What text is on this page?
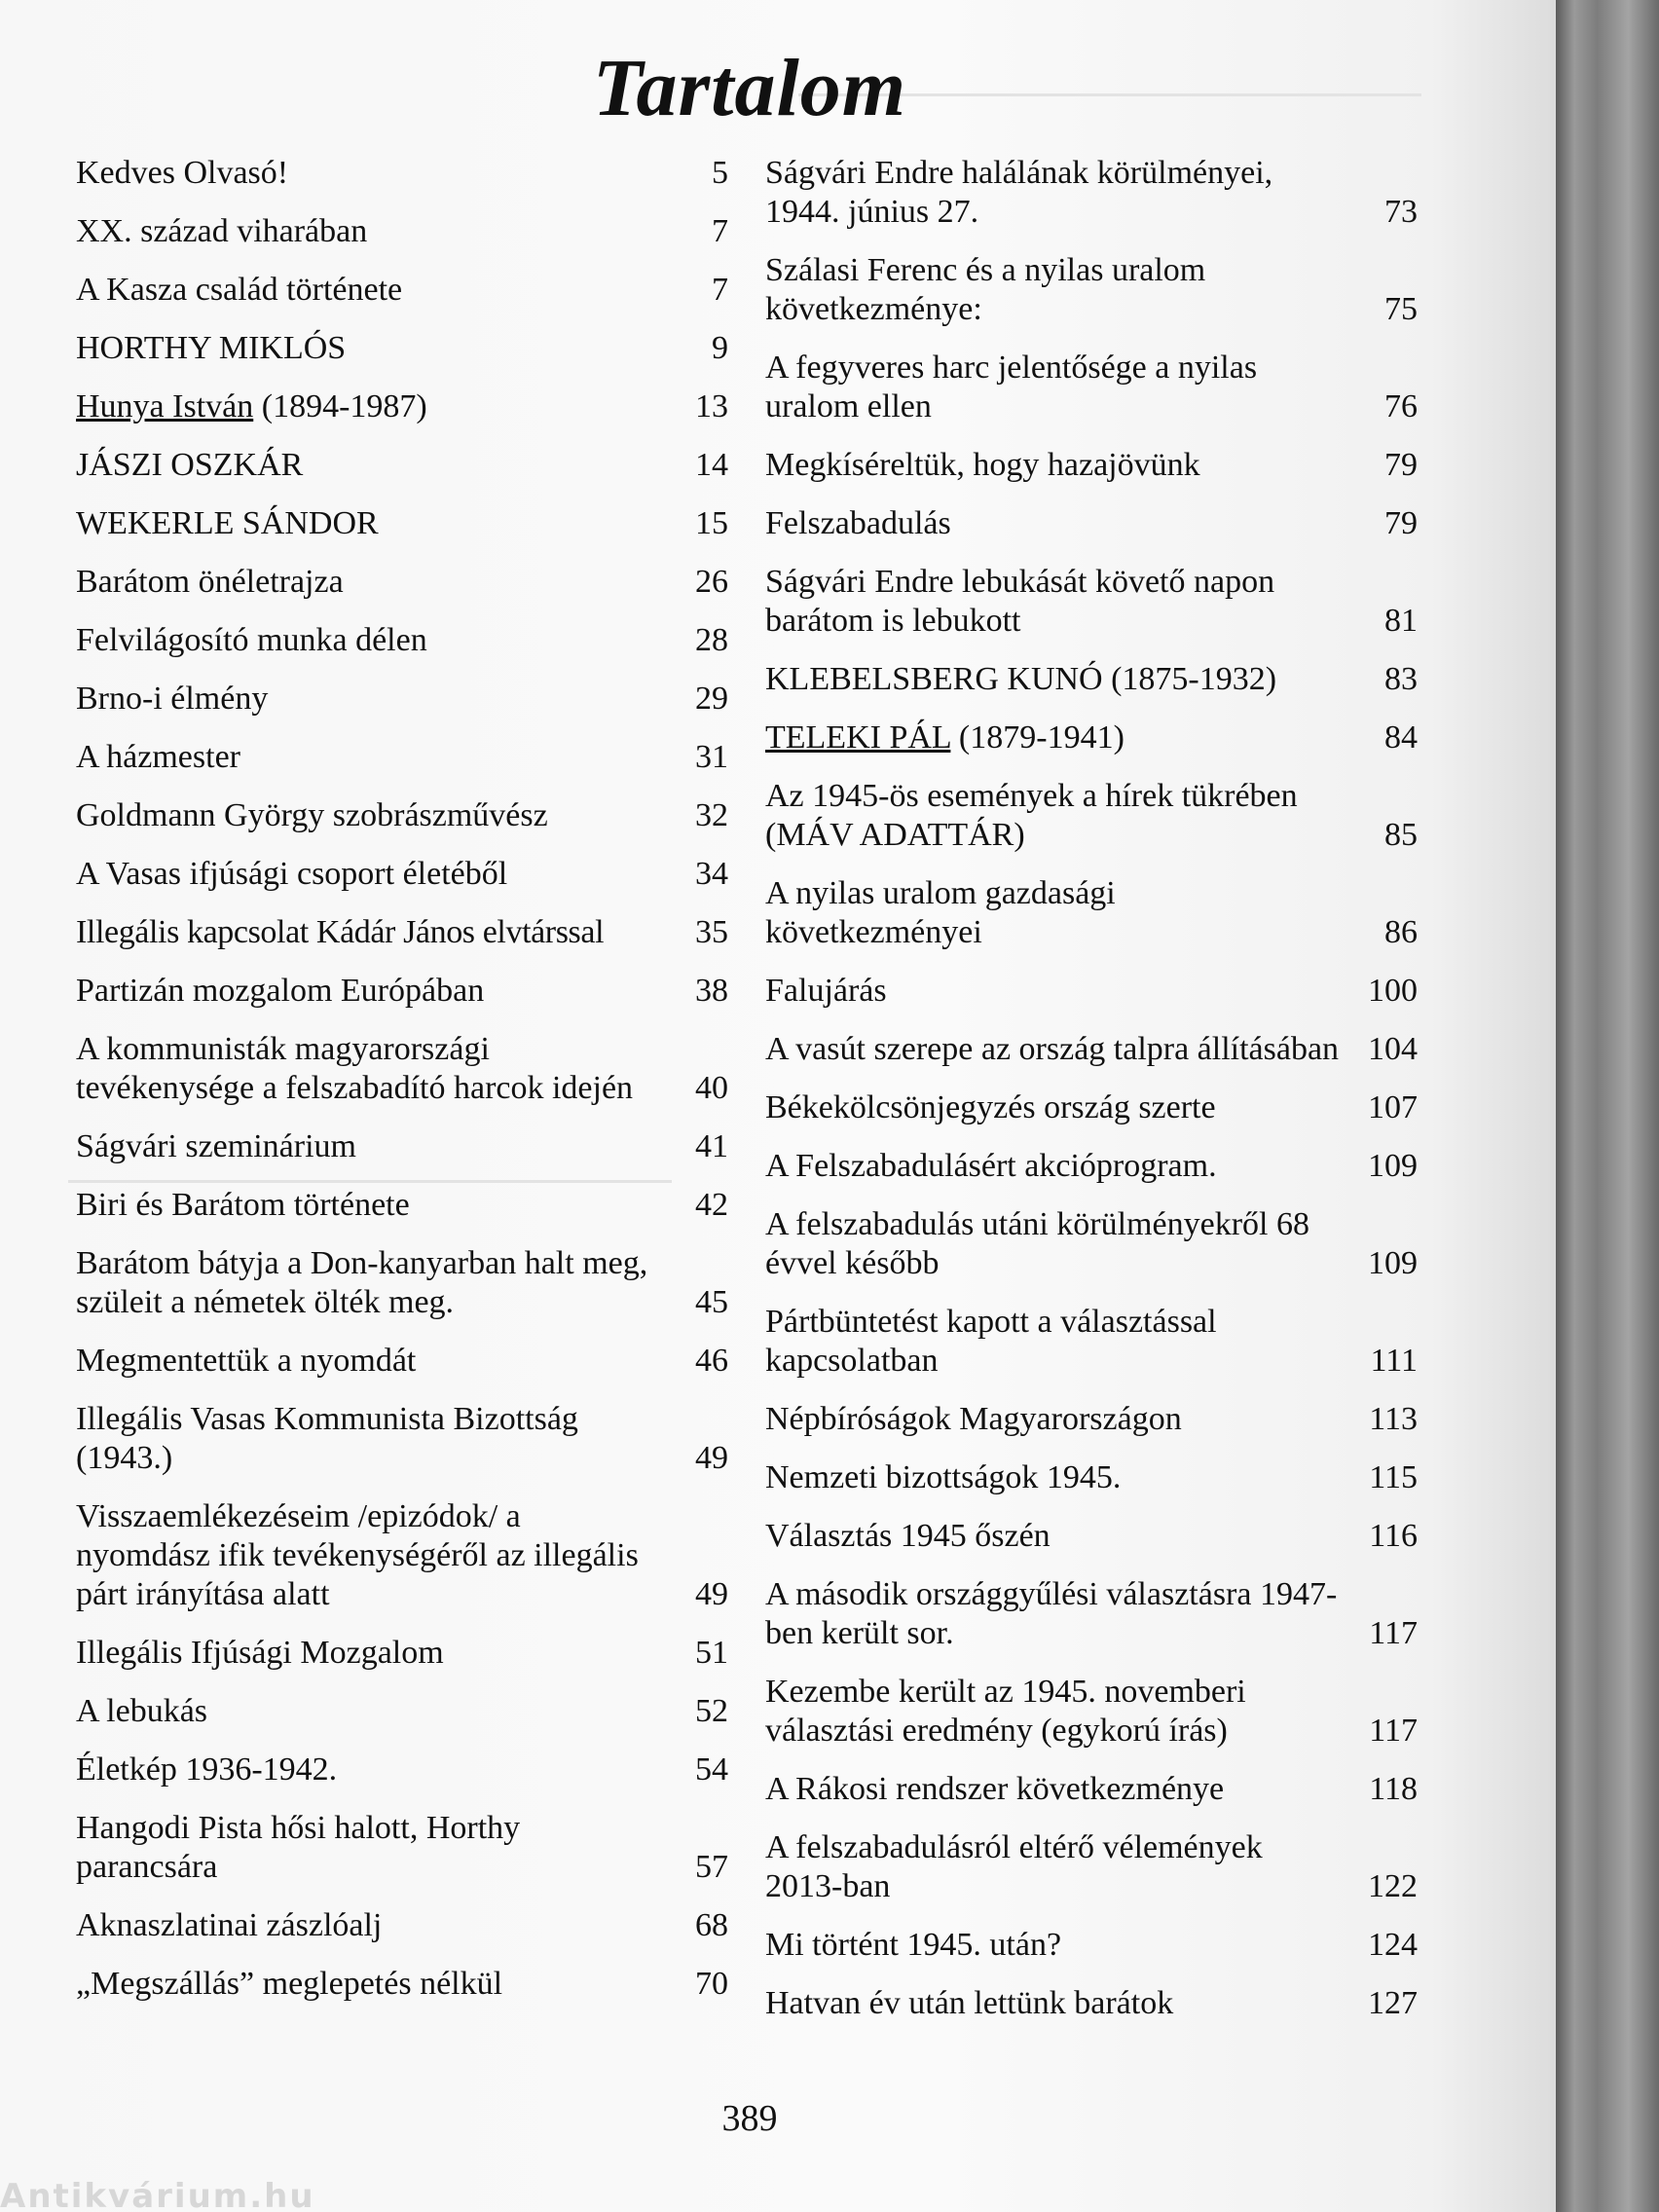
Tartalom
Kedves Olvasó!	5
XX. század viharában	7
A Kasza család története	7
HORTHY MIKLÓS	9
Hunya István (1894-1987)	13
JÁSZI OSZKÁR	14
WEKERLE SÁNDOR	15
Barátom önéletrajza	26
Felvilágosító munka délen	28
Brno-i élmény	29
A házmester	31
Goldmann György szobrászművész	32
A Vasas ifjúsági csoport életéből	34
Illegális kapcsolat Kádár János elvtárssal	35
Partizán mozgalom Európában	38
A kommunisták magyarországi tevékenysége a felszabadító harcok idején	40
Ságvári szeminárium	41
Biri és Barátom története	42
Barátom bátyja a Don-kanyarban halt meg, szüleit a németek ölték meg.	45
Megmentettük a nyomdát	46
Illegális Vasas Kommunista Bizottság (1943.)	49
Visszaemlékezéseim /epizódok/ a nyomdász ifik tevékenységéről az illegális párt irányítása alatt	49
Illegális Ifjúsági Mozgalom	51
A lebukás	52
Életkép 1936-1942.	54
Hangodi Pista hősi halott, Horthy parancsára	57
Aknaszlatinai zászlóalj	68
„Megszállás” meglepetés nélkül	70
Ságvári Endre halálának körülményei, 1944. június 27.	73
Szálasi Ferenc és a nyilas uralom következménye:	75
A fegyveres harc jelentősége a nyilas uralom ellen	76
Megkíséreltük, hogy hazajövünk	79
Felszabadulás	79
Ságvári Endre lebukását követő napon barátom is lebukott	81
KLEBELSBERG KUNÓ (1875-1932)	83
TELEKI PÁL (1879-1941)	84
Az 1945-ös események a hírek tükrében (MÁV ADATTÁR)	85
A nyilas uralom gazdasági következményei	86
Falujárás	100
A vasút szerepe az ország talpra állításában 104
Békekölcsönjegyzés ország szerte	107
A Felszabadulásért akcióprogram.	109
A felszabadulás utáni körülményekről 68 évvel később	109
Pártbüntetést kapott a választással kapcsolatban	111
Népbíróságok Magyarországon	113
Nemzeti bizottságok 1945.	115
Választás 1945 őszén	116
A második országgyűlési választásra 1947-ben került sor.	117
Kezembe került az 1945. novemberi választási eredmény (egykorú írás)	117
A Rákosi rendszer következménye	118
A felszabadulásról eltérő vélemények 2013-ban	122
Mi történt 1945. után?	124
Hatvan év után lettünk barátok	127
389
Antikvárium.hu
